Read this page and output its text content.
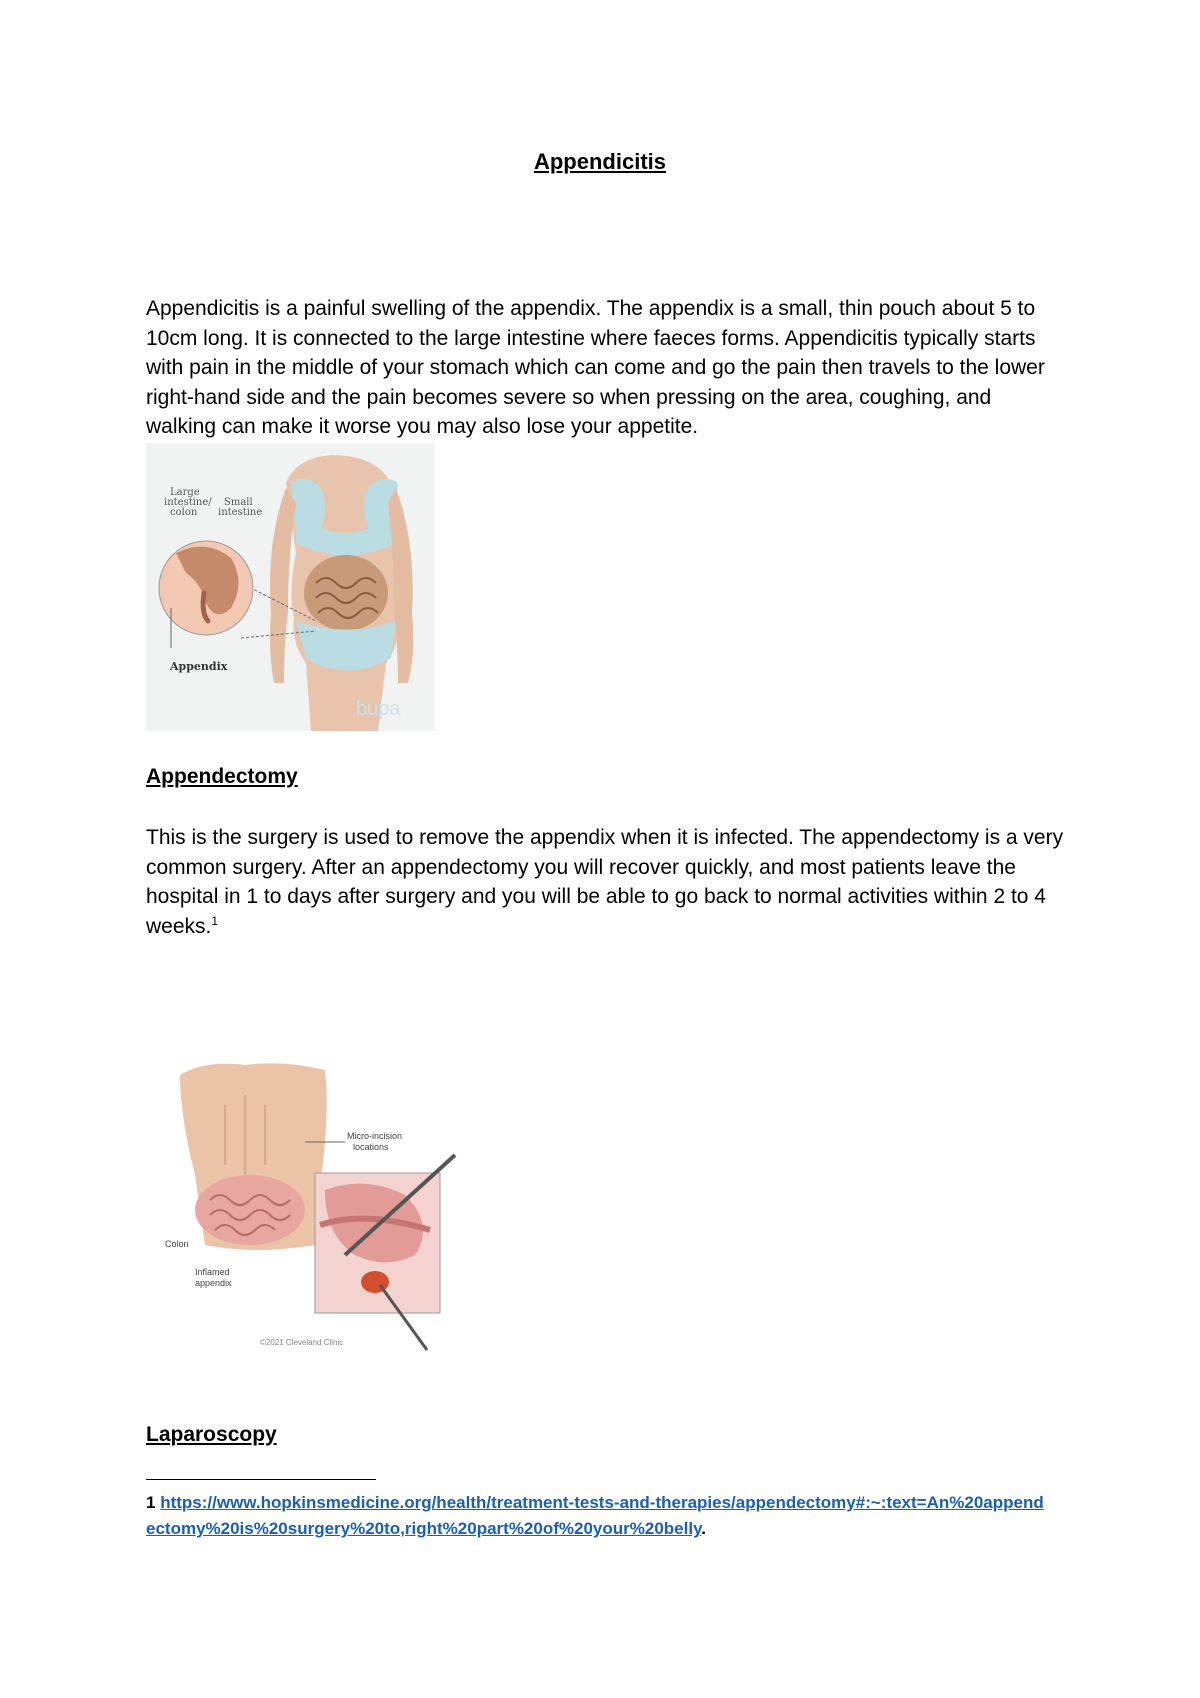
Appendicitis

Appendicitis is a painful swelling of the appendix. The appendix is a small, thin pouch about 5 to 10cm long. It is connected to the large intestine where faeces forms. Appendicitis typically starts with pain in the middle of your stomach which can come and go the pain then travels to the lower right-hand side and the pain becomes severe so when pressing on the area, coughing, and walking can make it worse you may also lose your appetite.

Large
intestine/
colon
Small
intestine
Appendix
bupa
Appendectomy

This is the surgery is used to remove the appendix when it is infected. The appendectomy is a very common surgery. After an appendectomy you will recover quickly, and most patients leave the hospital in 1 to days after surgery and you will be able to go back to normal activities within 2 to 4 weeks.$^1$

Micro-incision
locations
Colon
Inflamed
appendix
©2021 Cleveland Clinic
Laparoscopy
1 https://www.hopkinsmedicine.org/health/treatment-tests-and-therapies/appendectomy#:~:text=An%20appendectomy%20is%20surgery%20to,right%20part%20of%20your%20belly.
